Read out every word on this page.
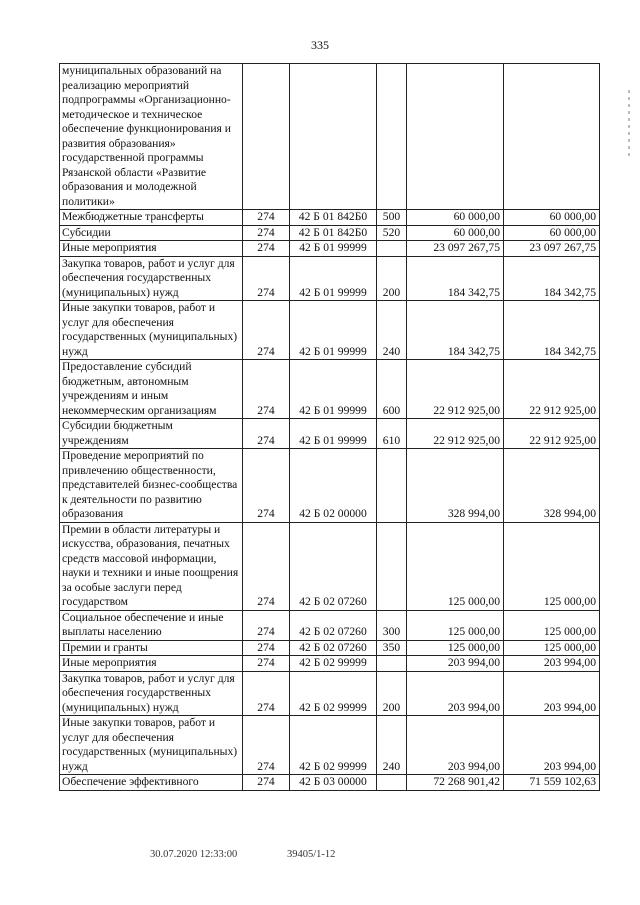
335
муниципальных образований на реализацию мероприятий подпрограммы «Организационно-методическое и техническое обеспечение функционирования и развития образования» государственной программы Рязанской области «Развитие образования и молодежной политики»					
Межбюджетные трансферты	274	42 Б 01 842Б0	500	60 000,00	60 000,00
Субсидии	274	42 Б 01 842Б0	520	60 000,00	60 000,00
Иные мероприятия	274	42 Б 01 99999		23 097 267,75	23 097 267,75
Закупка товаров, работ и услуг для обеспечения государственных (муниципальных) нужд	274	42 Б 01 99999	200	184 342,75	184 342,75
Иные закупки товаров, работ и услуг для обеспечения государственных (муниципальных) нужд	274	42 Б 01 99999	240	184 342,75	184 342,75
Предоставление субсидий бюджетным, автономным учреждениям и иным некоммерческим организациям	274	42 Б 01 99999	600	22 912 925,00	22 912 925,00
Субсидии бюджетным учреждениям	274	42 Б 01 99999	610	22 912 925,00	22 912 925,00
Проведение мероприятий по привлечению общественности, представителей бизнес-сообщества к деятельности по развитию образования	274	42 Б 02 00000		328 994,00	328 994,00
Премии в области литературы и искусства, образования, печатных средств массовой информации, науки и техники и иные поощрения за особые заслуги перед государством	274	42 Б 02 07260		125 000,00	125 000,00
Социальное обеспечение и иные выплаты населению	274	42 Б 02 07260	300	125 000,00	125 000,00
Премии и гранты	274	42 Б 02 07260	350	125 000,00	125 000,00
Иные мероприятия	274	42 Б 02 99999		203 994,00	203 994,00
Закупка товаров, работ и услуг для обеспечения государственных (муниципальных) нужд	274	42 Б 02 99999	200	203 994,00	203 994,00
Иные закупки товаров, работ и услуг для обеспечения государственных (муниципальных) нужд	274	42 Б 02 99999	240	203 994,00	203 994,00
Обеспечение эффективного	274	42 Б 03 00000		72 268 901,42	71 559 102,63
30.07.2020 12:33:00	39405/1-12
